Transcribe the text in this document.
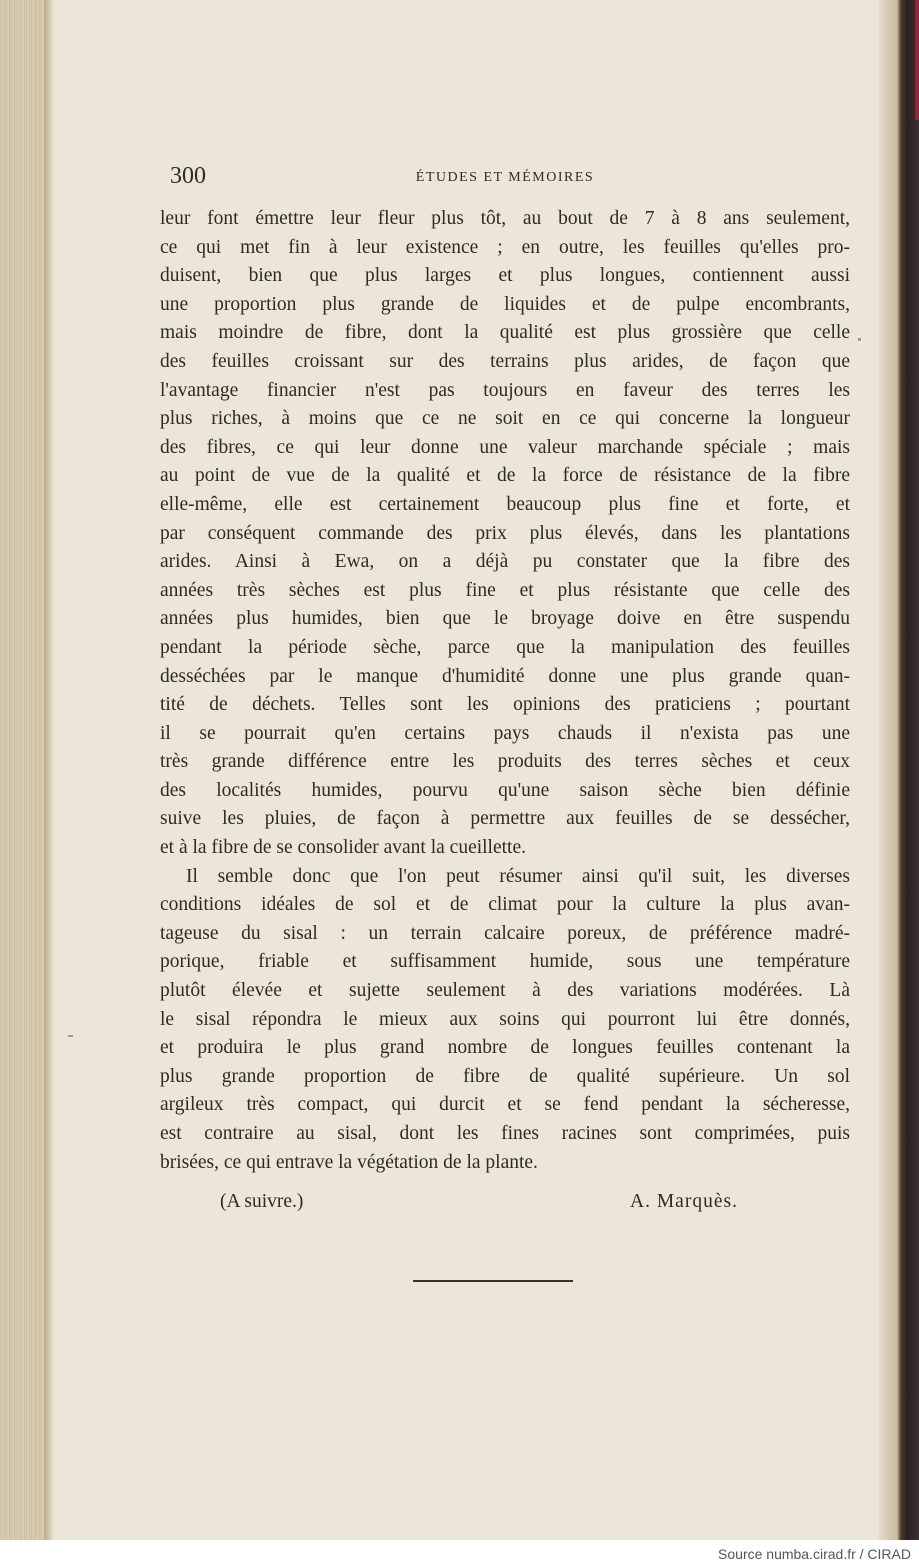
300	ÉTUDES ET MÉMOIRES
leur font émettre leur fleur plus tôt, au bout de 7 à 8 ans seulement,
ce qui met fin à leur existence ; en outre, les feuilles qu'elles pro-
duisent, bien que plus larges et plus longues, contiennent aussi
une proportion plus grande de liquides et de pulpe encombrants,
mais moindre de fibre, dont la qualité est plus grossière que celle
des feuilles croissant sur des terrains plus arides, de façon que
l'avantage financier n'est pas toujours en faveur des terres les
plus riches, à moins que ce ne soit en ce qui concerne la longueur
des fibres, ce qui leur donne une valeur marchande spéciale ; mais
au point de vue de la qualité et de la force de résistance de la fibre
elle-même, elle est certainement beaucoup plus fine et forte, et
par conséquent commande des prix plus élevés, dans les plantations
arides. Ainsi à Ewa, on a déjà pu constater que la fibre des
années très sèches est plus fine et plus résistante que celle des
années plus humides, bien que le broyage doive en être suspendu
pendant la période sèche, parce que la manipulation des feuilles
desséchées par le manque d'humidité donne une plus grande quan-
tité de déchets. Telles sont les opinions des praticiens ; pourtant
il se pourrait qu'en certains pays chauds il n'exista pas une
très grande différence entre les produits des terres sèches et ceux
des localités humides, pourvu qu'une saison sèche bien définie
suive les pluies, de façon à permettre aux feuilles de se dessécher,
et à la fibre de se consolider avant la cueillette.
Il semble donc que l'on peut résumer ainsi qu'il suit, les diverses
conditions idéales de sol et de climat pour la culture la plus avan-
tageuse du sisal : un terrain calcaire poreux, de préférence madré-
porique, friable et suffisamment humide, sous une température
plutôt élevée et sujette seulement à des variations modérées. Là
le sisal répondra le mieux aux soins qui pourront lui être donnés,
et produira le plus grand nombre de longues feuilles contenant la
plus grande proportion de fibre de qualité supérieure. Un sol
argileux très compact, qui durcit et se fend pendant la sécheresse,
est contraire au sisal, dont les fines racines sont comprimées, puis
brisées, ce qui entrave la végétation de la plante.
(A suivre.)	A. Marquès.
Source numba.cirad.fr / CIRAD
